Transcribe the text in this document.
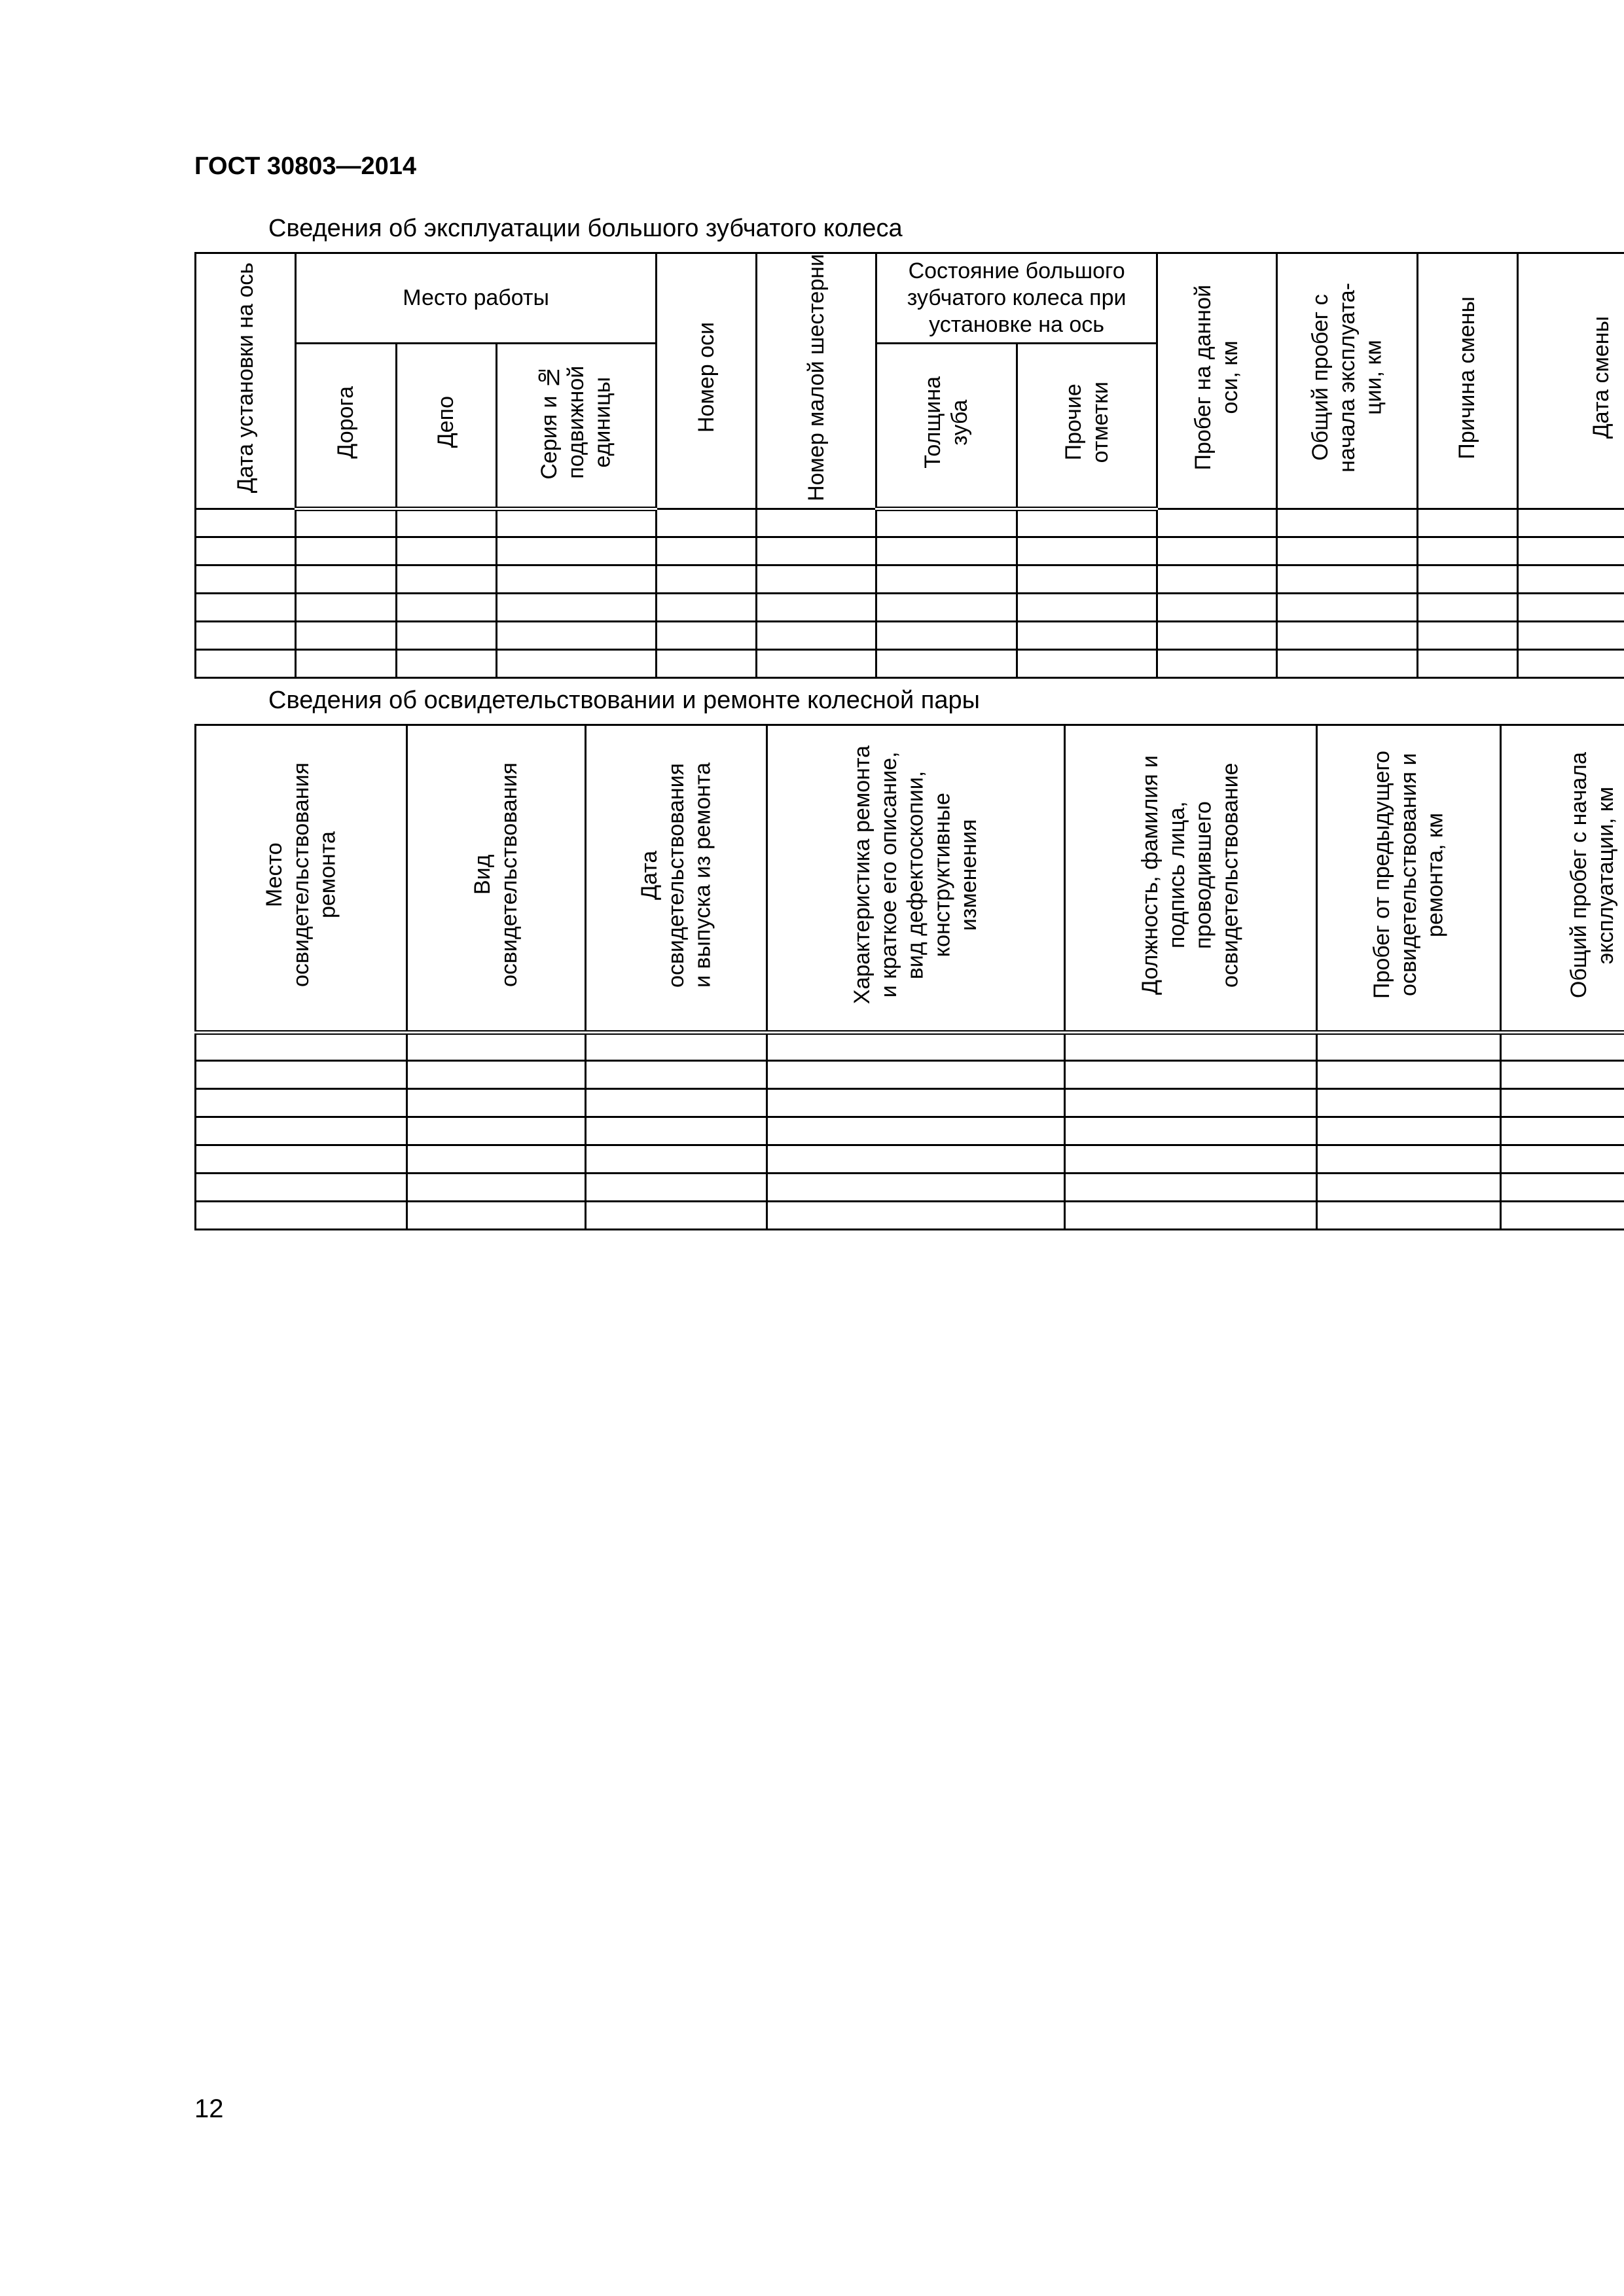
ГОСТ 30803—2014
Сведения об эксплуатации большого зубчатого колеса
Дата установки на ось	Место работы			Номер оси	Номер малой шестерни	Состояние большого
зубчатого колеса при
установке на ось		Пробег на данной
оси, км	Общий пробег с
начала эксплуата-
ции, км	Причина смены	Дата смены
	Дорога	Депо	Серия и №
подвижной
единицы			Толщина
зуба	Прочие
отметки				

Сведения об освидетельствовании и ремонте колесной пары
Место
освидетельствования
ремонта	Вид
освидетельствования	Дата
освидетельствования
и выпуска из ремонта	Характеристика ремонта
и краткое его описание,
вид дефектоскопии,
конструктивные
изменения	Должность, фамилия и
подпись лица,
проводившего
освидетельствование	Пробег от предыдущего
освидетельствования и
ремонта, км	Общий пробег с начала
эксплуатации, км

12
